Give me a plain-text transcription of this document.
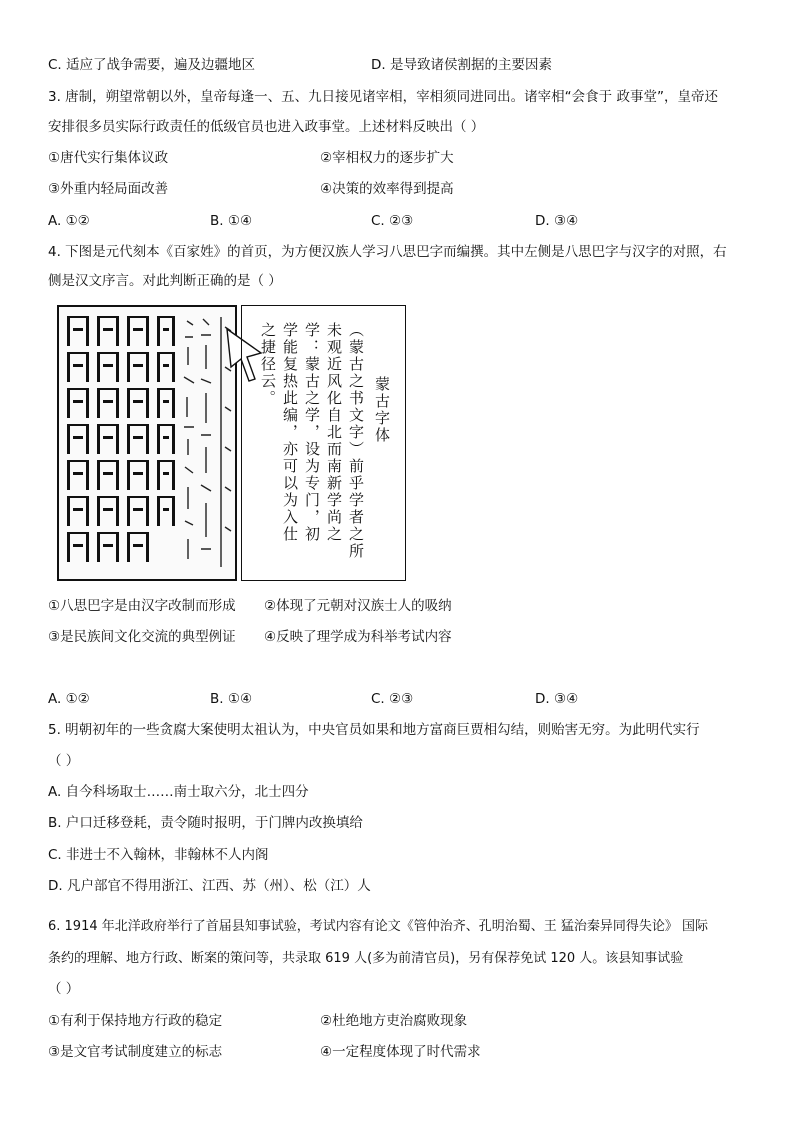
C. 适应了战争需要，遍及边疆地区	D. 是导致诸侯割据的主要因素
3. 唐制，朔望常朝以外，皇帝每逢一、五、九日接见诸宰相，宰相须同进同出。诸宰相“会食于 政事堂”，皇帝还
安排很多员实际行政责任的低级官员也进入政事堂。上述材料反映出（ ）
①唐代实行集体议政	②宰相权力的逐步扩大
③外重内轻局面改善	④决策的效率得到提高
A. ①②	B. ①④	C. ②③	D. ③④
4. 下图是元代刻本《百家姓》的首页，为方便汉族人学习八思巴字而编撰。其中左侧是八思巴字与汉字的对照，右
侧是汉文序言。对此判断正确的是（ ）
蒙古字体
（蒙古之书文字）前乎学者之所
未观近风化自北而南新学尚之
学：蒙古之学，设为专门，初
学能复热此编，亦可以为入仕
之捷径云。
①八思巴字是由汉字改制而形成 ②体现了元朝对汉族士人的吸纳
③是民族间文化交流的典型例证 ④反映了理学成为科举考试内容
A. ①②	B. ①④	C. ②③	D. ③④
5. 明朝初年的一些贪腐大案使明太祖认为，中央官员如果和地方富商巨贾相勾结，则贻害无穷。为此明代实行
（ ）
A. 自今科场取士……南士取六分，北士四分
B. 户口迁移登耗，责令随时报明，于门牌内改换填给
C. 非进士不入翰林，非翰林不人内阁
D. 凡户部官不得用浙江、江西、苏（州）、松（江）人
6. 1914 年北洋政府举行了首届县知事试验，考试内容有论文《管仲治齐、孔明治蜀、王 猛治秦异同得失论》 国际
条约的理解、地方行政、断案的策问等，共录取 619 人(多为前清官员)，另有保荐免试 120 人。该县知事试验
（ ）
①有利于保持地方行政的稳定	②杜绝地方吏治腐败现象
③是文官考试制度建立的标志	④一定程度体现了时代需求
